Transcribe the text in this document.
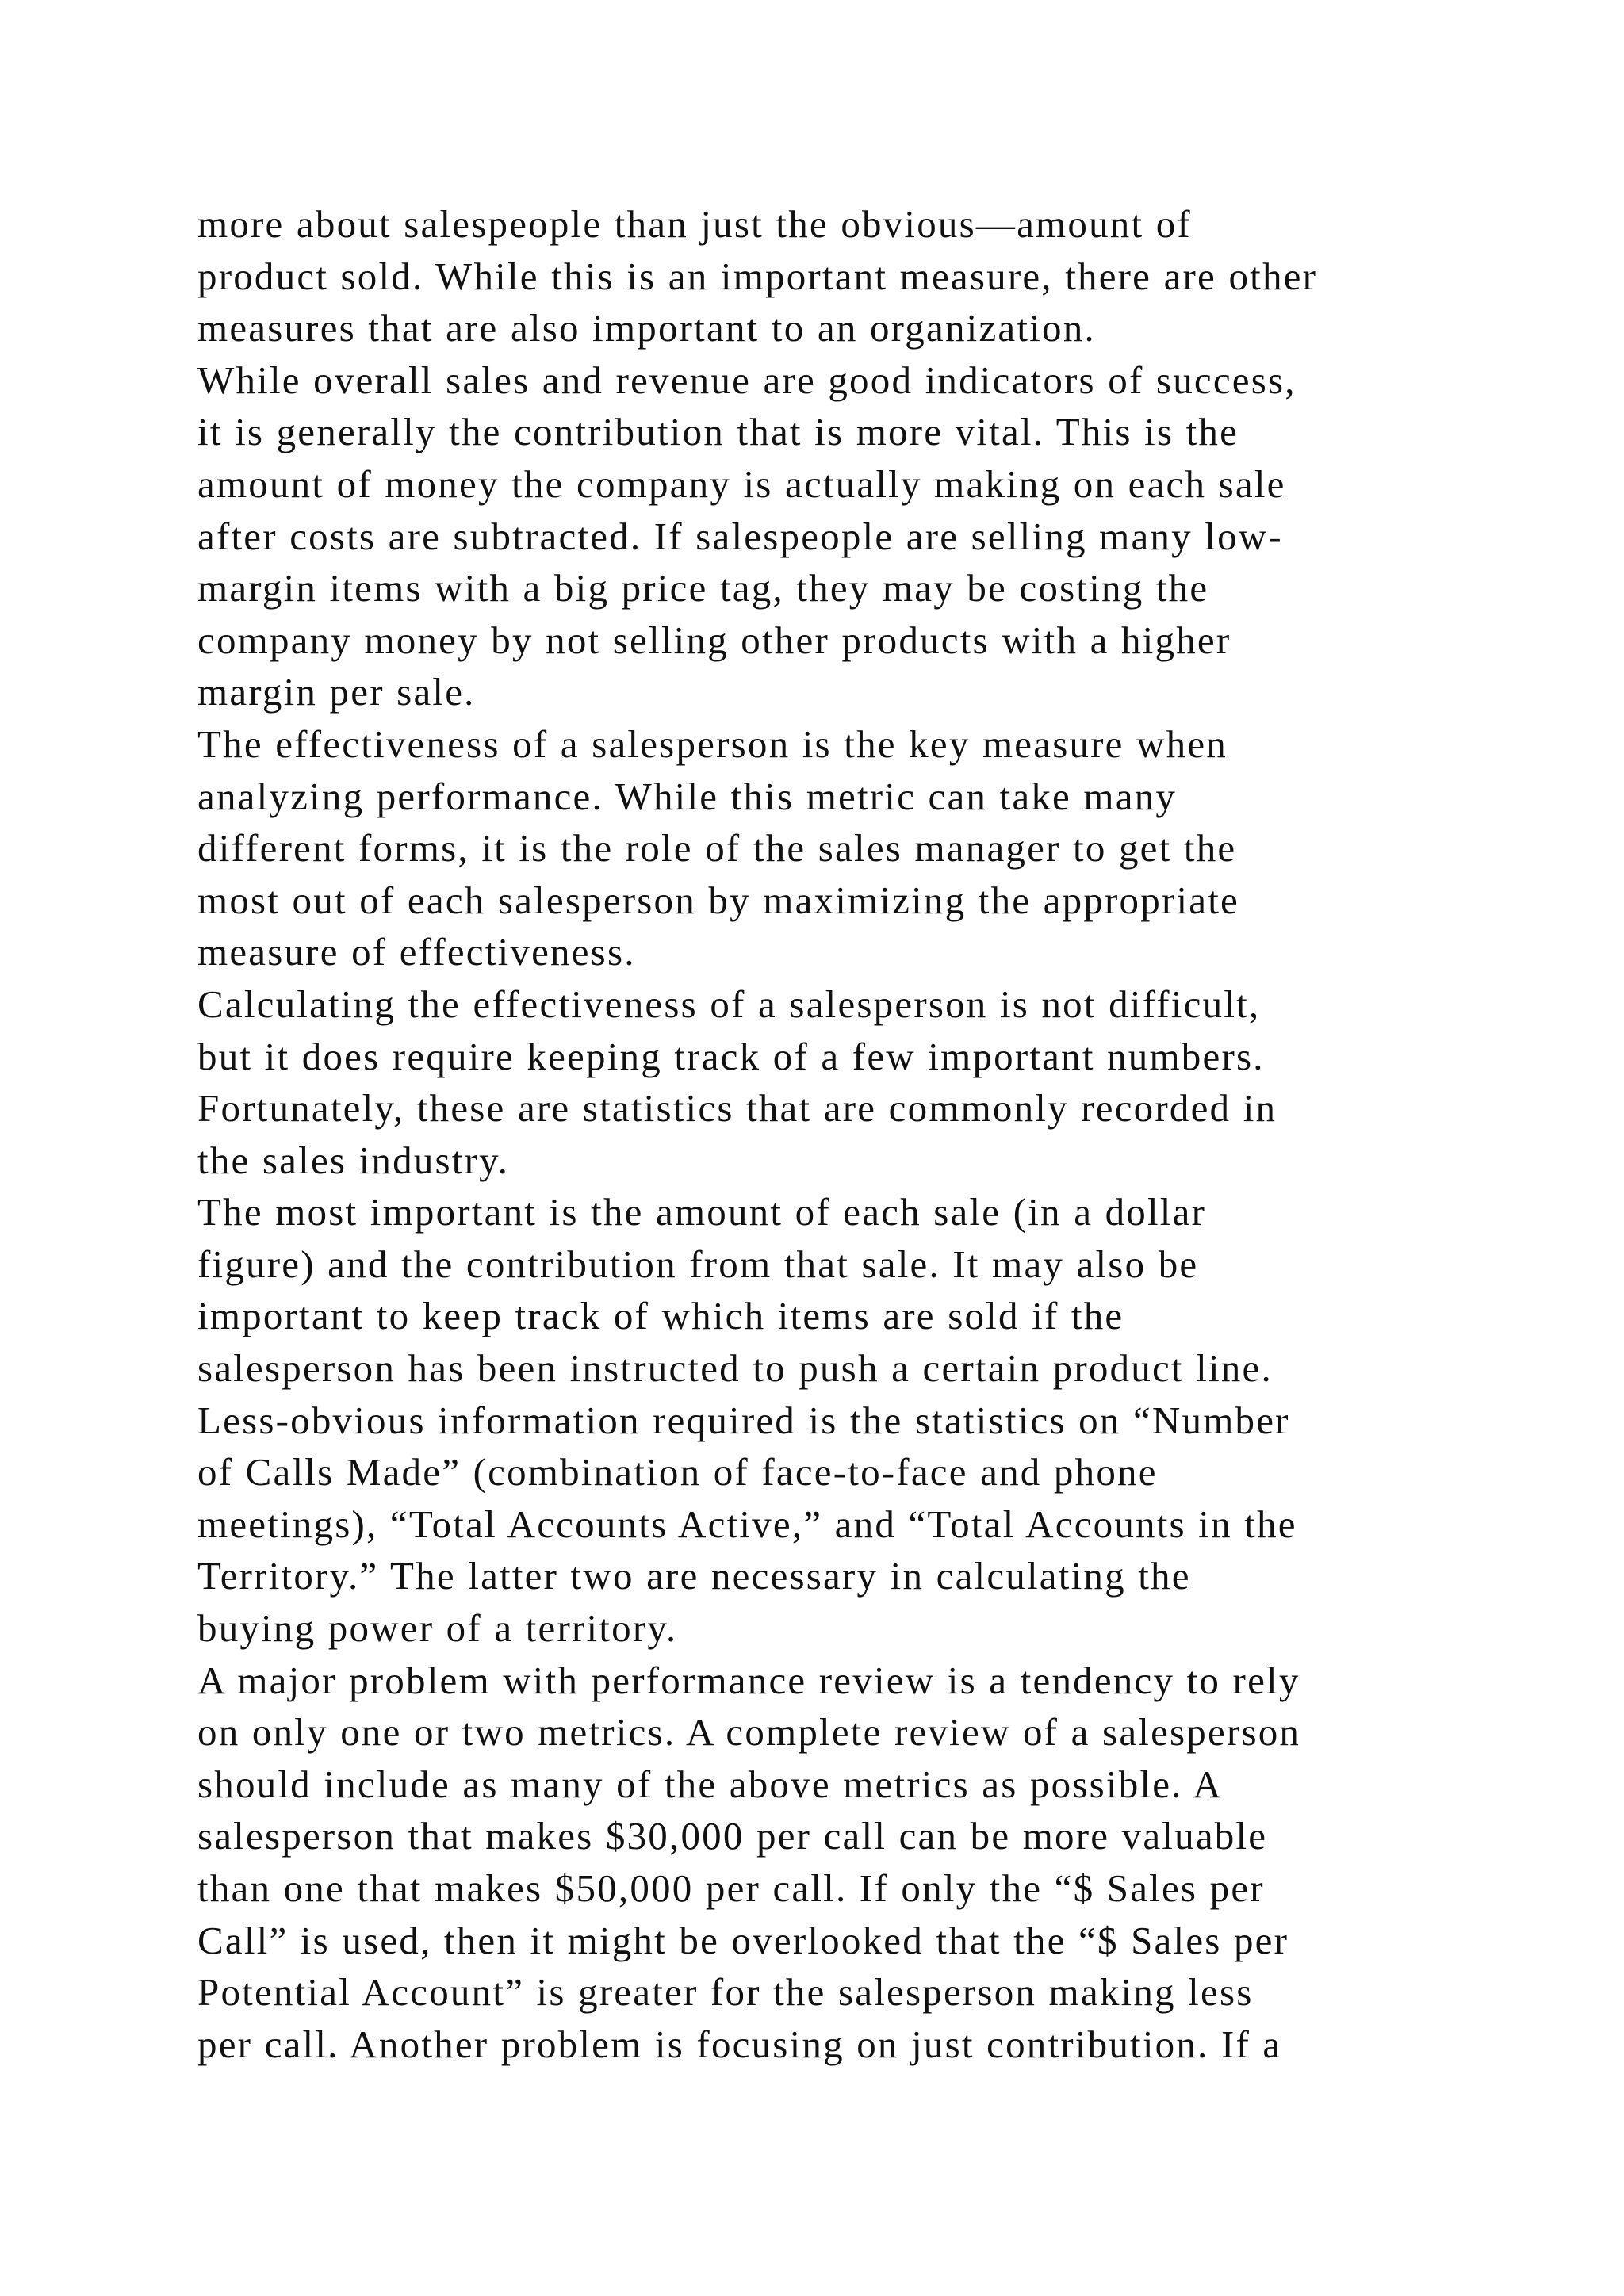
more about salespeople than just the obvious—amount of
product sold. While this is an important measure, there are other
measures that are also important to an organization.
While overall sales and revenue are good indicators of success,
it is generally the contribution that is more vital. This is the
amount of money the company is actually making on each sale
after costs are subtracted. If salespeople are selling many low-
margin items with a big price tag, they may be costing the
company money by not selling other products with a higher
margin per sale.
The effectiveness of a salesperson is the key measure when
analyzing performance. While this metric can take many
different forms, it is the role of the sales manager to get the
most out of each salesperson by maximizing the appropriate
measure of effectiveness.
Calculating the effectiveness of a salesperson is not difficult,
but it does require keeping track of a few important numbers.
Fortunately, these are statistics that are commonly recorded in
the sales industry.
The most important is the amount of each sale (in a dollar
figure) and the contribution from that sale. It may also be
important to keep track of which items are sold if the
salesperson has been instructed to push a certain product line.
Less-obvious information required is the statistics on “Number
of Calls Made” (combination of face-to-face and phone
meetings), “Total Accounts Active,” and “Total Accounts in the
Territory.” The latter two are necessary in calculating the
buying power of a territory.
A major problem with performance review is a tendency to rely
on only one or two metrics. A complete review of a salesperson
should include as many of the above metrics as possible. A
salesperson that makes $30,000 per call can be more valuable
than one that makes $50,000 per call. If only the “$ Sales per
Call” is used, then it might be overlooked that the “$ Sales per
Potential Account” is greater for the salesperson making less
per call. Another problem is focusing on just contribution. If a
